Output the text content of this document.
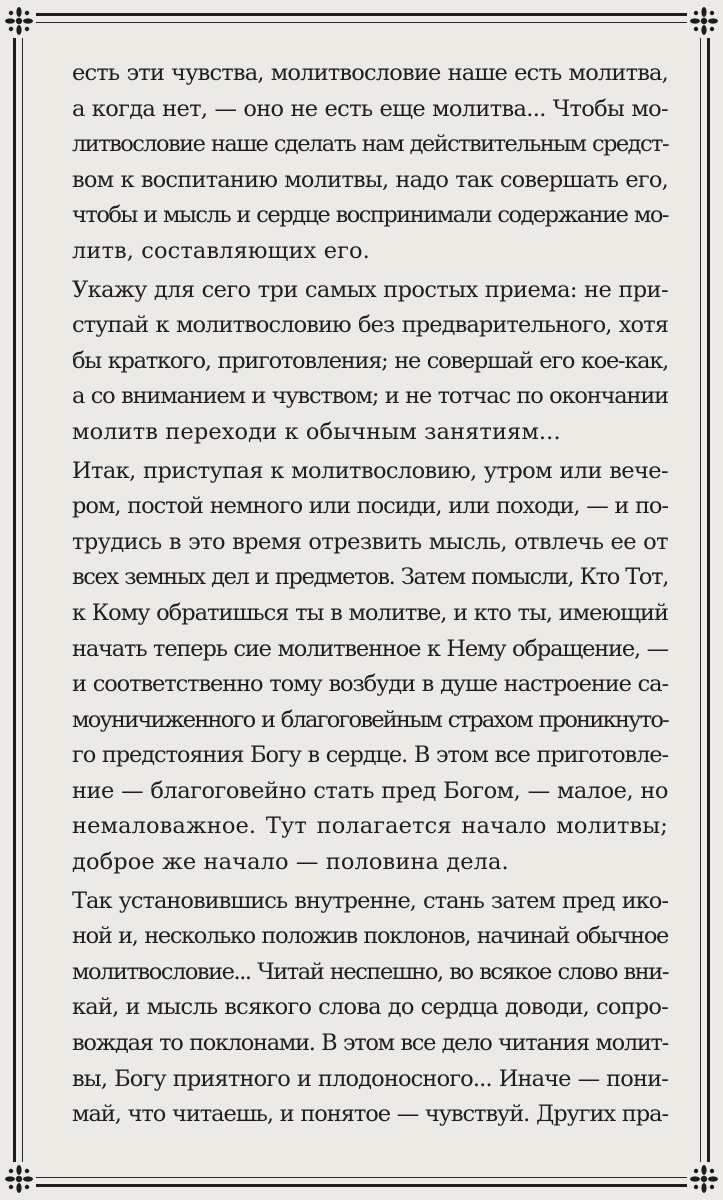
есть эти чувства, молитвословие наше есть молитва,
а когда нет, — оно не есть еще молитва... Чтобы мо-
литвословие наше сделать нам действительным средст-
вом к воспитанию молитвы, надо так совершать его,
чтобы и мысль и сердце воспринимали содержание мо-
литв, составляющих его.
Укажу для сего три самых простых приема: не при-
ступай к молитвословию без предварительного, хотя
бы краткого, приготовления; не совершай его кое-как,
а со вниманием и чувством; и не тотчас по окончании
молитв переходи к обычным занятиям...
Итак, приступая к молитвословию, утром или вече-
ром, постой немного или посиди, или походи, — и по-
трудись в это время отрезвить мысль, отвлечь ее от
всех земных дел и предметов. Затем помысли, Кто Тот,
к Кому обратишься ты в молитве, и кто ты, имеющий
начать теперь сие молитвенное к Нему обращение, —
и соответственно тому возбуди в душе настроение са-
моуничиженного и благоговейным страхом проникнуто-
го предстояния Богу в сердце. В этом все приготовле-
ние — благоговейно стать пред Богом, — малое, но
немаловажное. Тут полагается начало молитвы;
доброе же начало — половина дела.
Так установившись внутренне, стань затем пред ико-
ной и, несколько положив поклонов, начинай обычное
молитвословие... Читай неспешно, во всякое слово вни-
кай, и мысль всякого слова до сердца доводи, сопро-
вождая то поклонами. В этом все дело читания молит-
вы, Богу приятного и плодоносного... Иначе — пони-
май, что читаешь, и понятое — чувствуй. Других пра-
